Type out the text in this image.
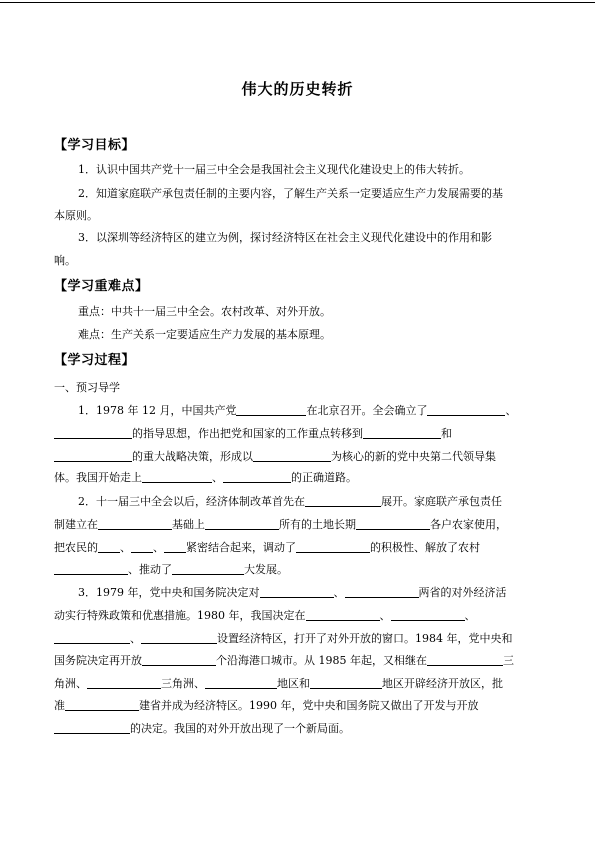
伟大的历史转折
【学习目标】
1．认识中国共产党十一届三中全会是我国社会主义现代化建设史上的伟大转折。
2．知道家庭联产承包责任制的主要内容，了解生产关系一定要适应生产力发展需要的基
本原则。
3．以深圳等经济特区的建立为例，探讨经济特区在社会主义现代化建设中的作用和影
响。
【学习重难点】
重点：中共十一届三中全会。农村改革、对外开放。
难点：生产关系一定要适应生产力发展的基本原理。
【学习过程】
一、预习导学
1．1978 年 12 月，中国共产党	在北京召开。全会确立了	、
的指导思想，作出把党和国家的工作重点转移到	和
的重大战略决策，形成以	为核心的新的党中央第二代领导集
体。我国开始走上	、	的正确道路。
2．十一届三中全会以后，经济体制改革首先在	展开。家庭联产承包责任
制建立在	基础上	所有的土地长期	各户农家使用，
把农民的 、 、 紧密结合起来，调动了	的积极性、解放了农村
、推动了	大发展。
3．1979 年，党中央和国务院决定对	、	两省的对外经济活
动实行特殊政策和优惠措施。1980 年，我国决定在	、	、
、	设置经济特区，打开了对外开放的窗口。1984 年，党中央和
国务院决定再开放	个沿海港口城市。从 1985 年起，又相继在	三
角洲、	三角洲、	地区和	地区开辟经济开放区，批
准	建省并成为经济特区。1990 年，党中央和国务院又做出了开发与开放
的决定。我国的对外开放出现了一个新局面。
